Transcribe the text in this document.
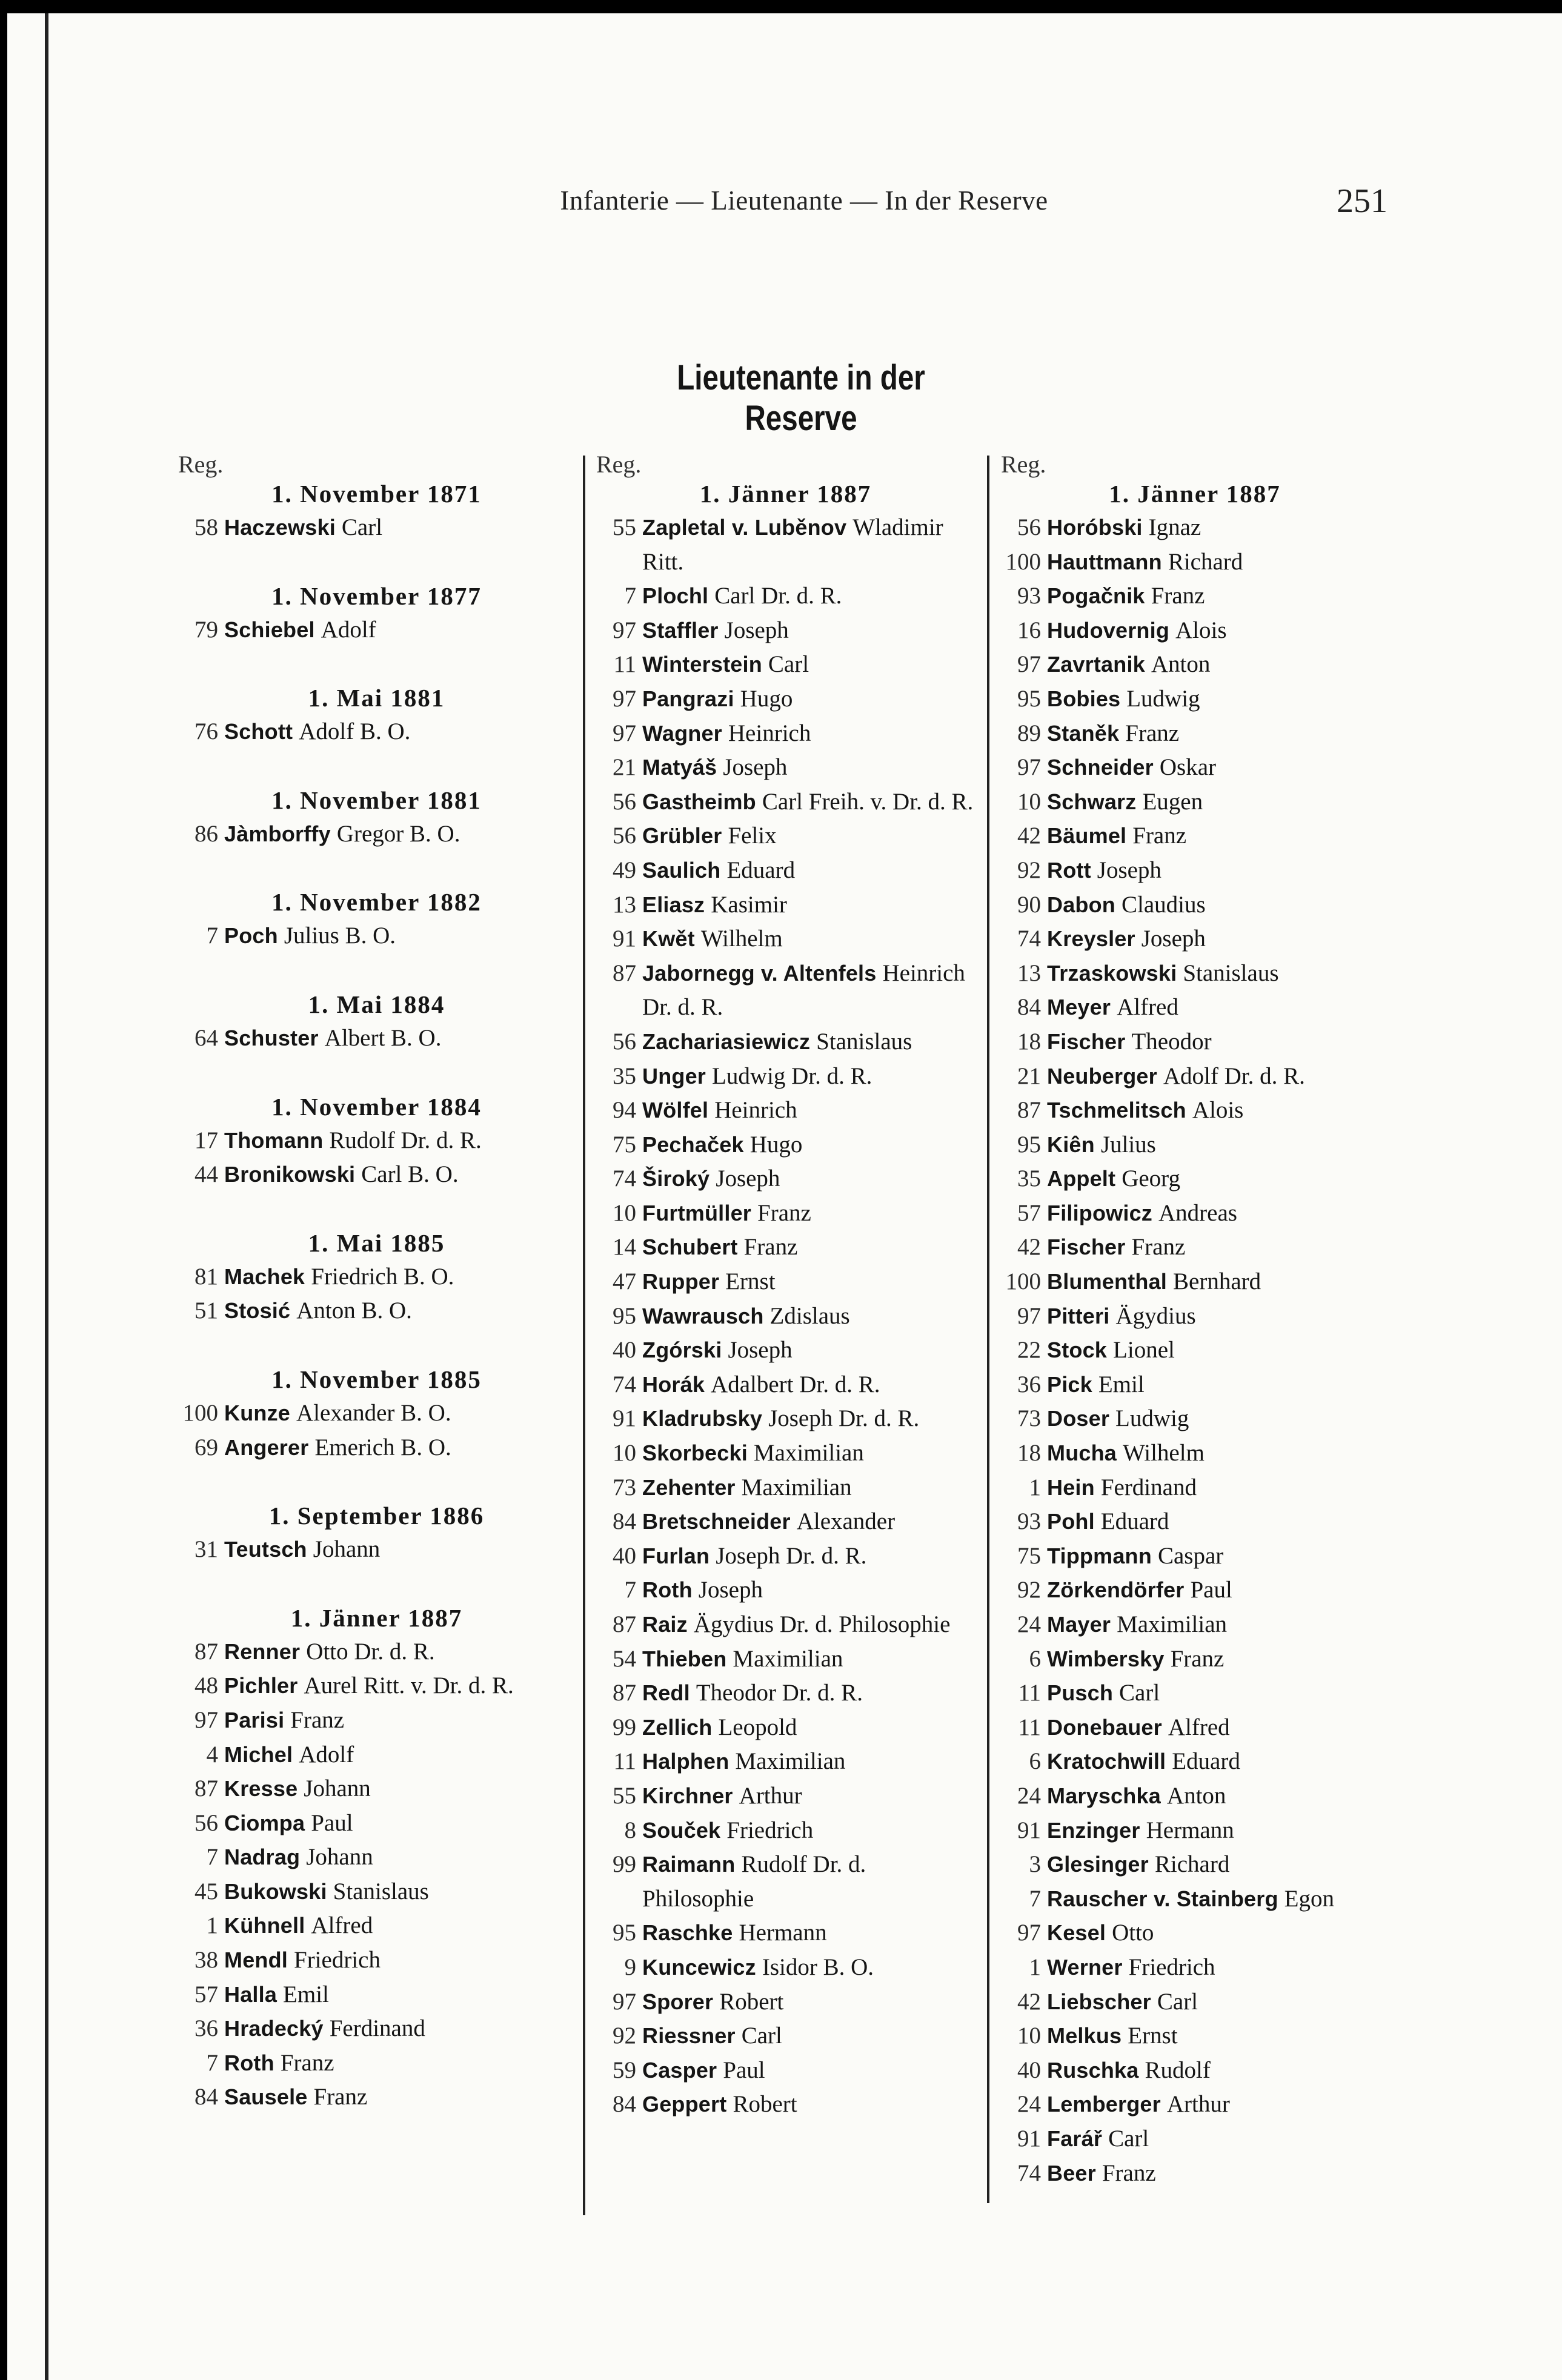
Infanterie — Lieutenante — In der Reserve	251
Lieutenante in der Reserve
Reg.
1. November 1871
58 Haczewski Carl
1. November 1877
79 Schiebel Adolf
1. Mai 1881
76 Schott Adolf B. O.
1. November 1881
86 Jàmborffy Gregor B. O.
1. November 1882
7 Poch Julius B. O.
1. Mai 1884
64 Schuster Albert B. O.
1. November 1884
17 Thomann Rudolf Dr. d. R.
44 Bronikowski Carl B. O.
1. Mai 1885
81 Machek Friedrich B. O.
51 Stosić Anton B. O.
1. November 1885
100 Kunze Alexander B. O.
69 Angerer Emerich B. O.
1. September 1886
31 Teutsch Johann
1. Jänner 1887
87 Renner Otto Dr. d. R.
48 Pichler Aurel Ritt. v. Dr. d. R.
97 Parisi Franz
4 Michel Adolf
87 Kresse Johann
56 Ciompa Paul
7 Nadrag Johann
45 Bukowski Stanislaus
1 Kühnell Alfred
38 Mendl Friedrich
57 Halla Emil
36 Hradecký Ferdinand
7 Roth Franz
84 Sausele Franz
Reg.
1. Jänner 1887
55 Zapletal v. Luběnov Wladimir Ritt.
7 Plochl Carl Dr. d. R.
97 Staffler Joseph
11 Winterstein Carl
97 Pangrazi Hugo
97 Wagner Heinrich
21 Matyáš Joseph
56 Gastheimb Carl Freih. v. Dr. d. R.
56 Grübler Felix
49 Saulich Eduard
13 Eliasz Kasimir
91 Kwět Wilhelm
87 Jabornegg v. Altenfels Heinrich Dr. d. R.
56 Zachariasiewicz Stanislaus
35 Unger Ludwig Dr. d. R.
94 Wölfel Heinrich
75 Pechaček Hugo
74 Široký Joseph
10 Furtmüller Franz
14 Schubert Franz
47 Rupper Ernst
95 Wawrausch Zdislaus
40 Zgórski Joseph
74 Horák Adalbert Dr. d. R.
91 Kladrubsky Joseph Dr. d. R.
10 Skorbecki Maximilian
73 Zehenter Maximilian
84 Bretschneider Alexander
40 Furlan Joseph Dr. d. R.
7 Roth Joseph
87 Raiz Ägydius Dr. d. Philosophie
54 Thieben Maximilian
87 Redl Theodor Dr. d. R.
99 Zellich Leopold
11 Halphen Maximilian
55 Kirchner Arthur
8 Souček Friedrich
99 Raimann Rudolf Dr. d. Philosophie
95 Raschke Hermann
9 Kuncewicz Isidor B. O.
97 Sporer Robert
92 Riessner Carl
59 Casper Paul
84 Geppert Robert
Reg.
1. Jänner 1887
56 Horóbski Ignaz
100 Hauttmann Richard
93 Pogačnik Franz
16 Hudovernig Alois
97 Zavrtanik Anton
95 Bobies Ludwig
89 Staněk Franz
97 Schneider Oskar
10 Schwarz Eugen
42 Bäumel Franz
92 Rott Joseph
90 Dabon Claudius
74 Kreysler Joseph
13 Trzaskowski Stanislaus
84 Meyer Alfred
18 Fischer Theodor
21 Neuberger Adolf Dr. d. R.
87 Tschmelitsch Alois
95 Kiên Julius
35 Appelt Georg
57 Filipowicz Andreas
42 Fischer Franz
100 Blumenthal Bernhard
97 Pitteri Ägydius
22 Stock Lionel
36 Pick Emil
73 Doser Ludwig
18 Mucha Wilhelm
1 Hein Ferdinand
93 Pohl Eduard
75 Tippmann Caspar
92 Zörkendörfer Paul
24 Mayer Maximilian
6 Wimbersky Franz
11 Pusch Carl
11 Donebauer Alfred
6 Kratochwill Eduard
24 Maryschka Anton
91 Enzinger Hermann
3 Glesinger Richard
7 Rauscher v. Stainberg Egon
97 Kesel Otto
1 Werner Friedrich
42 Liebscher Carl
10 Melkus Ernst
40 Ruschka Rudolf
24 Lemberger Arthur
91 Farář Carl
74 Beer Franz
